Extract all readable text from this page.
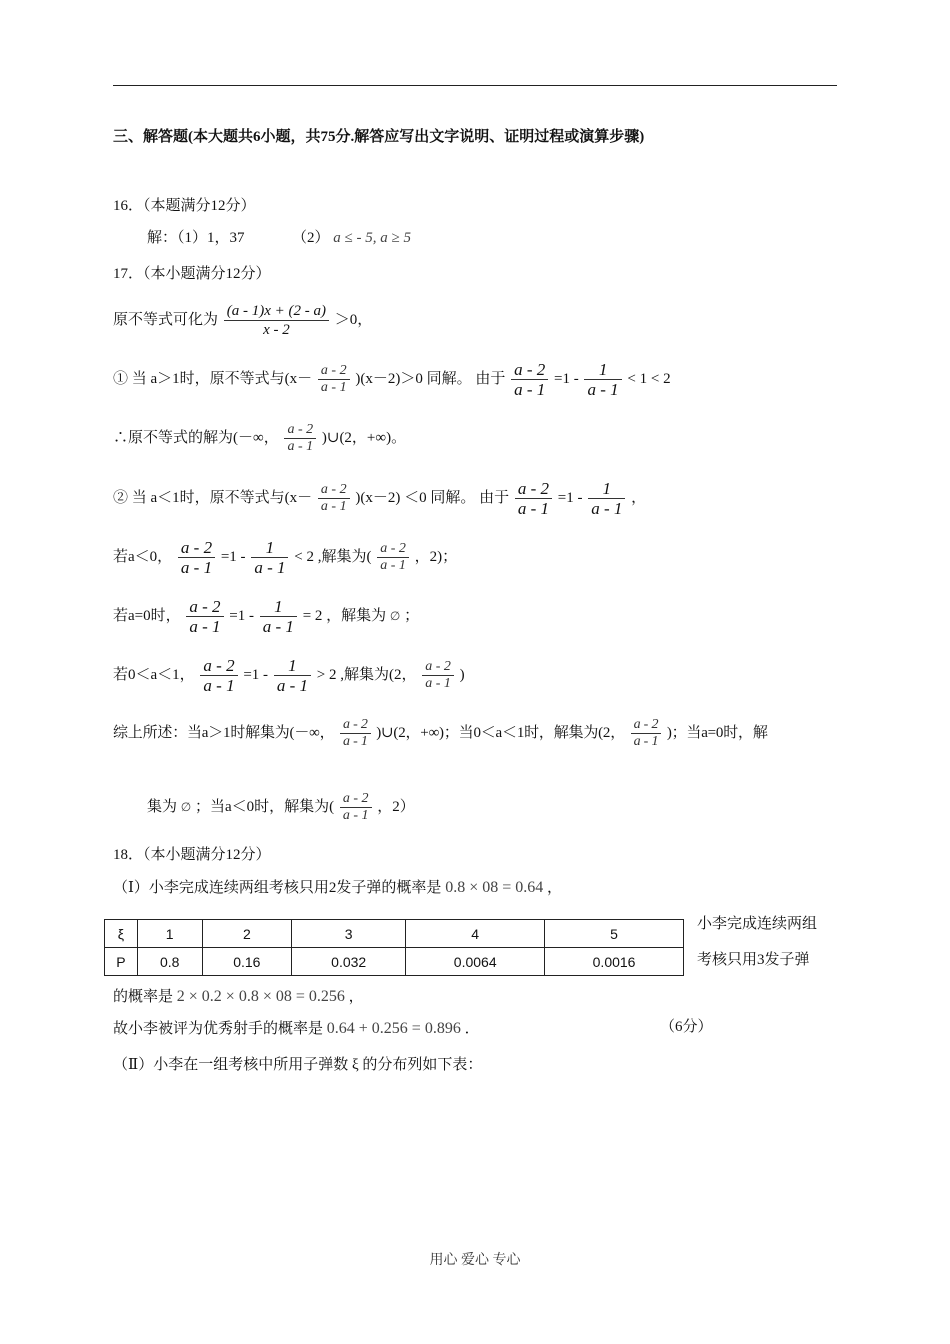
三、解答题(本大题共6小题，共75分.解答应写出文字说明、证明过程或演算步骤)
16．（本题满分12分）
解：（1）1，37	（2） a ≤ - 5, a ≥ 5
17．（本小题满分12分）
原不等式可化为 $\frac{(a - 1)x + (2 - a)}{x - 2} >0$，
① 当 a＞1时，原不等式与$(x- \frac{a - 2}{a - 1} )(x-2)>0$ 同解。 由于 $\frac{a - 2}{a - 1} =1 - \frac{1}{a - 1} < 1 < 2$
∴原不等式的解为(－∞， $\frac{a - 2}{a - 1}$ )∪(2，+∞)。
② 当 a＜1时，原不等式与$(x- \frac{a - 2}{a - 1} )(x-2) <0$ 同解。 由于 $\frac{a - 2}{a - 1} =1 - \frac{1}{a - 1}$ ，
若a＜0， $\frac{a - 2}{a - 1} =1 - \frac{1}{a - 1} < 2$ ,解集为( $\frac{a - 2}{a - 1}$ ，2)；
若a=0时， $\frac{a - 2}{a - 1} =1 - \frac{1}{a - 1} = 2$ ，解集为 ∅ ；
若0＜a＜1， $\frac{a - 2}{a - 1} =1 - \frac{1}{a - 1} > 2$ ,解集为(2， $\frac{a - 2}{a - 1}$ )
综上所述：当a＞1时解集为(－∞， $\frac{a - 2}{a - 1}$ )∪(2，+∞)；当0＜a＜1时，解集为(2， $\frac{a - 2}{a - 1}$ )；当a=0时，解
集为 ∅ ；当a＜0时，解集为( $\frac{a - 2}{a - 1}$ ，2）
18．（本小题满分12分）
（Ⅰ）小李完成连续两组考核只用2发子弹的概率是 0.8 × 08 = 0.64 ，
ξ	1	2	3	4	5
P	0.8	0.16	0.032	0.0064	0.0016
小李完成连续两组
考核只用3发子弹
的概率是 2 × 0.2 × 0.8 × 08 = 0.256 ，
故小李被评为优秀射手的概率是 0.64 + 0.256 = 0.896 ．	（6分）
（Ⅱ）小李在一组考核中所用子弹数 ξ 的分布列如下表：
用心 爱心 专心
